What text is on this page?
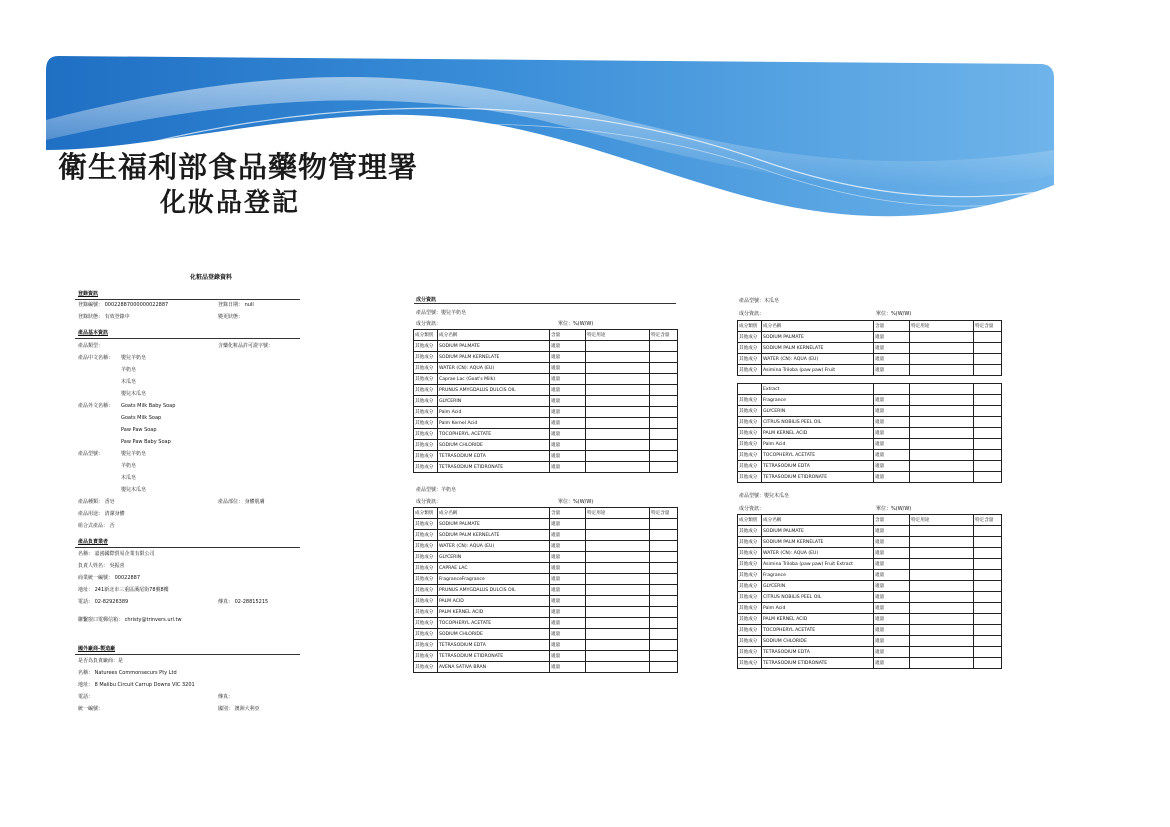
衛生福利部食品藥物管理署
化妝品登記
化粧品登錄資料
登錄資訊
登錄編號： 00022887000000022887	登錄日期： null
登錄狀態： 有效登錄中	變更狀態：
產品基本資訊
產品類型：	含藥化粧品許可證字號：
產品中文名稱： 嬰兒羊奶皂
羊奶皂
木瓜皂
嬰兒木瓜皂
產品外文名稱： Goats Milk Baby Soap
Goats Milk Soap
Paw Paw Soap
Paw Paw Baby Soap
產品型號：	嬰兒羊奶皂
羊奶皂
木瓜皂
嬰兒木瓜皂
產品種類： 香皂	產品部位： 身體肌膚
產品用途： 清潔身體
組合式產品： 否
產品負責業者
名稱： 嘉鴻國際貿易企業有限公司
負責人姓名： 吳振喜
商業統一編號： 00022887
地址： 241新北市三重區溪尾街78號8樓
電話： 02-82926389	傳真： 02-28815215
聯繫窗口電郵信箱： christy@trinvers.url.tw
國外廠商-製造廠
是否為負責廠商：是
名稱： Naturees Commonsecurs Pty Ltd
地址： 8 Malibu Circuit Carrup Downs VIC 3201
電話：	傳真：
統一編號：	國別： 澳洲大利亞
成分資訊
產品型號：嬰兒羊奶皂
成分資訊：	單位：%(W/W)
成分類別	成分名稱	含量	特定用途	特定含量
其他成分	SODIUM PALMATE	適量		
其他成分	SODIUM PALM KERNELATE	適量		
其他成分	WATER (CN): AQUA (EU)	適量		
其他成分	Caprae Lac (Goat's Milk)	適量		
其他成分	PRUNUS AMYGDALUS DULCIS OIL	適量		
其他成分	GLYCERIN	適量		
其他成分	Palm Acid	適量		
其他成分	Palm Kernel Acid	適量		
其他成分	TOCOPHERYL ACETATE	適量		
其他成分	SODIUM CHLORIDE	適量		
其他成分	TETRASODIUM EDTA	適量		
其他成分	TETRASODIUM ETIDRONATE	適量		
產品型號：羊奶皂
成分資訊：	單位：%(W/W)
成分類別	成分名稱	含量	特定用途	特定含量
其他成分	SODIUM PALMATE	適量		
其他成分	SODIUM PALM KERNELATE	適量		
其他成分	WATER (CN): AQUA (EU)	適量		
其他成分	GLYCERIN	適量		
其他成分	CAPRAE LAC	適量		
其他成分	FragranceFragrance	適量		
其他成分	PRUNUS AMYGDALUS DULCIS OIL	適量		
其他成分	PALM ACID	適量		
其他成分	PALM KERNEL ACID	適量		
其他成分	TOCOPHERYL ACETATE	適量		
其他成分	SODIUM CHLORIDE	適量		
其他成分	TETRASODIUM EDTA	適量		
其他成分	TETRASODIUM ETIDRONATE	適量		
其他成分	AVENA SATIVA BRAN	適量		
產品型號：木瓜皂
成分資訊：	單位：%(W/W)
成分類別	成分名稱	含量	特定用途	特定含量
其他成分	SODIUM PALMATE	適量		
其他成分	SODIUM PALM KERNELATE	適量		
其他成分	WATER (CN): AQUA (EU)	適量		
其他成分	Asimina Triloba (paw paw) Fruit	適量		
	Extract			
其他成分	Fragrance	適量		
其他成分	GLYCERIN	適量		
其他成分	CITRUS NOBILIS PEEL OIL	適量		
其他成分	PALM KERNEL ACID	適量		
其他成分	Palm Acid	適量		
其他成分	TOCOPHERYL ACETATE	適量		
其他成分	TETRASODIUM EDTA	適量		
其他成分	TETRASODIUM ETIDRONATE	適量		
產品型號：嬰兒木瓜皂
成分資訊：	單位：%(W/W)
成分類別	成分名稱	含量	特定用途	特定含量
其他成分	SODIUM PALMATE	適量		
其他成分	SODIUM PALM KERNELATE	適量		
其他成分	WATER (CN): AQUA (EU)	適量		
其他成分	Asimina Triloba (paw paw) Fruit Extract	適量		
其他成分	Fragrance	適量		
其他成分	GLYCERIN	適量		
其他成分	CITRUS NOBILIS PEEL OIL	適量		
其他成分	Palm Acid	適量		
其他成分	PALM KERNEL ACID	適量		
其他成分	TOCOPHERYL ACETATE	適量		
其他成分	SODIUM CHLORIDE	適量		
其他成分	TETRASODIUM EDTA	適量		
其他成分	TETRASODIUM ETIDRONATE	適量		
